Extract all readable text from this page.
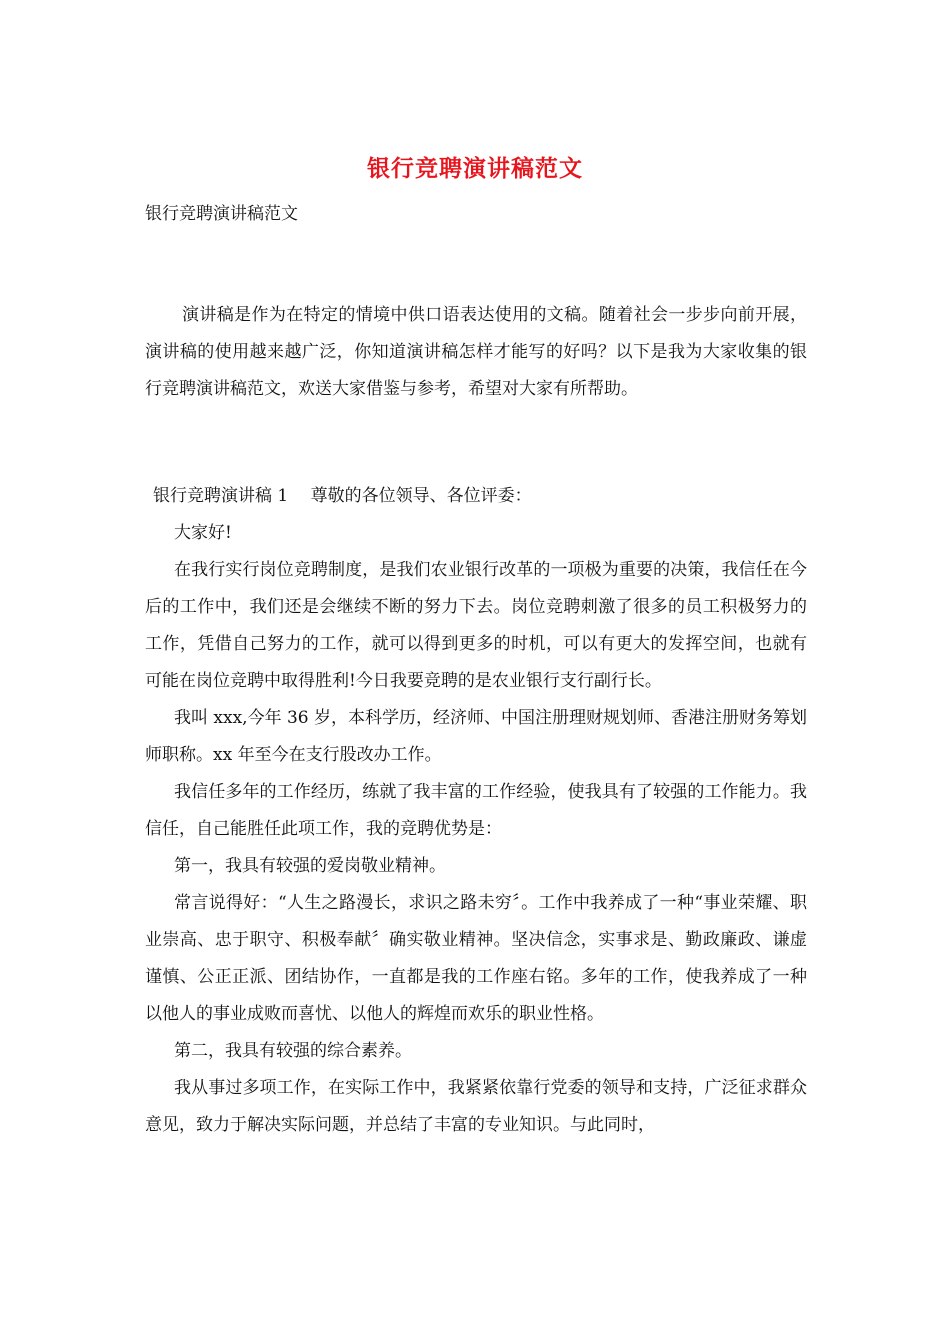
银行竞聘演讲稿范文

银行竞聘演讲稿范文

演讲稿是作为在特定的情境中供口语表达使用的文稿。随着社会一步步向前开展，演讲稿的使用越来越广泛，你知道演讲稿怎样才能写的好吗？以下是我为大家收集的银行竞聘演讲稿范文，欢送大家借鉴与参考，希望对大家有所帮助。

银行竞聘演讲稿 1　 尊敬的各位领导、各位评委：

大家好!

在我行实行岗位竞聘制度，是我们农业银行改革的一项极为重要的决策，我信任在今后的工作中，我们还是会继续不断的努力下去。岗位竞聘刺激了很多的员工积极努力的工作，凭借自己努力的工作，就可以得到更多的时机，可以有更大的发挥空间，也就有可能在岗位竞聘中取得胜利!今日我要竞聘的是农业银行支行副行长。

我叫 xxx,今年 36 岁，本科学历，经济师、中国注册理财规划师、香港注册财务筹划师职称。xx 年至今在支行股改办工作。

我信任多年的工作经历，练就了我丰富的工作经验，使我具有了较强的工作能力。我信任，自己能胜任此项工作，我的竞聘优势是：

第一，我具有较强的爱岗敬业精神。

常言说得好：“人生之路漫长，求识之路未穷〞。工作中我养成了一种“事业荣耀、职业崇高、忠于职守、积极奉献〞确实敬业精神。坚决信念，实事求是、勤政廉政、谦虚谨慎、公正正派、团结协作，一直都是我的工作座右铭。多年的工作，使我养成了一种以他人的事业成败而喜忧、以他人的辉煌而欢乐的职业性格。

第二，我具有较强的综合素养。

我从事过多项工作，在实际工作中，我紧紧依靠行党委的领导和支持，广泛征求群众意见，致力于解决实际问题，并总结了丰富的专业知识。与此同时，
